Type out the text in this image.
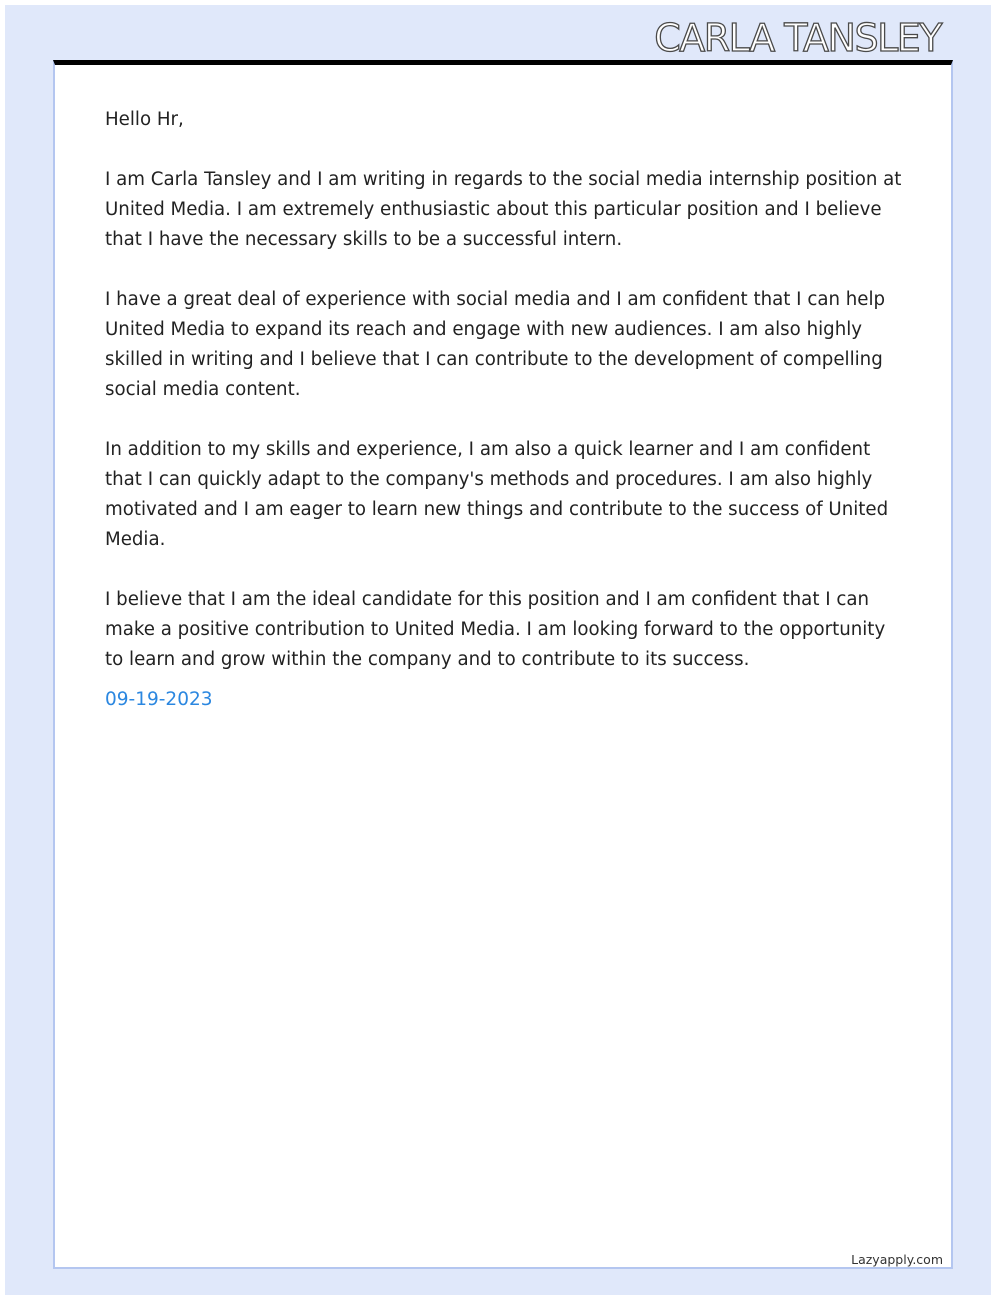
CARLA TANSLEY

Hello Hr,

I am Carla Tansley and I am writing in regards to the social media internship position at United Media. I am extremely enthusiastic about this particular position and I believe that I have the necessary skills to be a successful intern.

I have a great deal of experience with social media and I am confident that I can help United Media to expand its reach and engage with new audiences. I am also highly skilled in writing and I believe that I can contribute to the development of compelling social media content.

In addition to my skills and experience, I am also a quick learner and I am confident that I can quickly adapt to the company's methods and procedures. I am also highly motivated and I am eager to learn new things and contribute to the success of United Media.

I believe that I am the ideal candidate for this position and I am confident that I can make a positive contribution to United Media. I am looking forward to the opportunity to learn and grow within the company and to contribute to its success.

09-19-2023
Lazyapply.com
